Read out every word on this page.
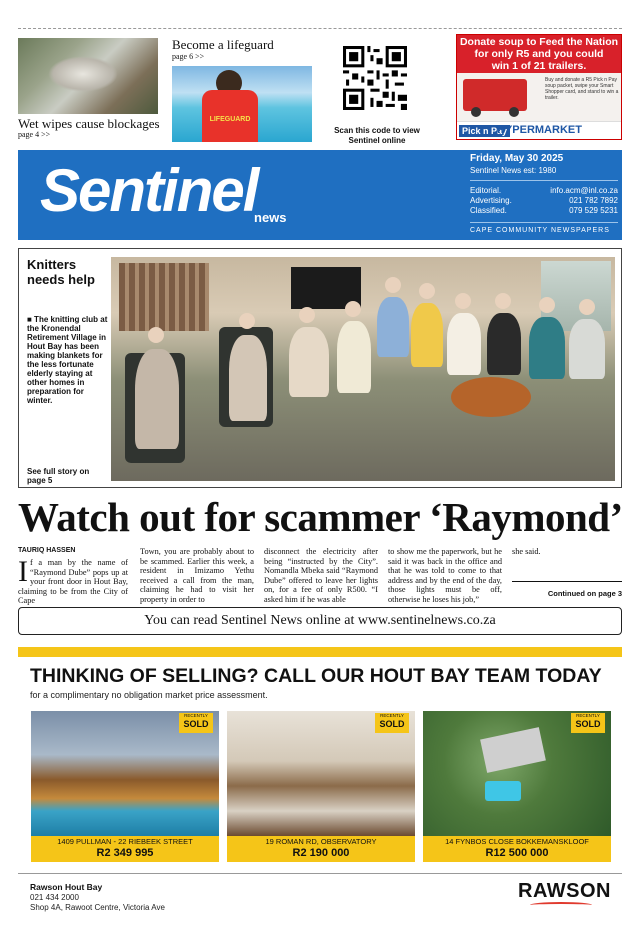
Wet wipes cause blockages
page 4 >>
Become a lifeguard
page 6 >>
LIFEGUARD
Scan this code to view
Sentinel online
Donate soup to Feed the Nation
for only R5 and you could
win 1 of 21 trailers.
Buy and donate a R5 Pick n Pay soup packet, swipe your Smart Shopper card, and stand to win a trailer.
Pick n Pay
HYPERMARKET
Sentinel
news
Friday, May 30 2025
Sentinel News est: 1980
Editorial.	info.acm@inl.co.za
Advertising.	021 782 7892
Classified.	079 529 5231
CAPE COMMUNITY NEWSPAPERS
Knitters needs help
■ The knitting club at the Kronendal Retirement Village in Hout Bay has been making blankets for the less fortunate elderly staying at other homes in preparation for winter.
See full story on page 5
Watch out for scammer ‘Raymond’
TAURIQ HASSEN
If a man by the name of “Raymond Dube” pops up at your front door in Hout Bay, claiming to be from the City of Cape
Town, you are probably about to be scammed. Earlier this week, a resident in Imizamo Yethu received a call from the man, claiming he had to visit her property in order to
disconnect the electricity after being “instructed by the City”. Nomandla Mbeka said “Raymond Dube” offered to leave her lights on, for a fee of only R500. “I asked him if he was able
to show me the paperwork, but he said it was back in the office and that he was told to come to that address and by the end of the day, those lights must be off, otherwise he loses his job,”
she said.
Continued on page 3
You can read Sentinel News online at www.sentinelnews.co.za
THINKING OF SELLING? CALL OUR HOUT BAY TEAM TODAY
for a complimentary no obligation market price assessment.
RECENTLY
SOLD
1409 PULLMAN - 22 RIEBEEK STREET
R2 349 995
RECENTLY
SOLD
19 ROMAN RD, OBSERVATORY
R2 190 000
RECENTLY
SOLD
14 FYNBOS CLOSE BOKKEMANSKLOOF
R12 500 000
Rawson Hout Bay
021 434 2000
Shop 4A, Rawoot Centre, Victoria Ave
RAWSON
